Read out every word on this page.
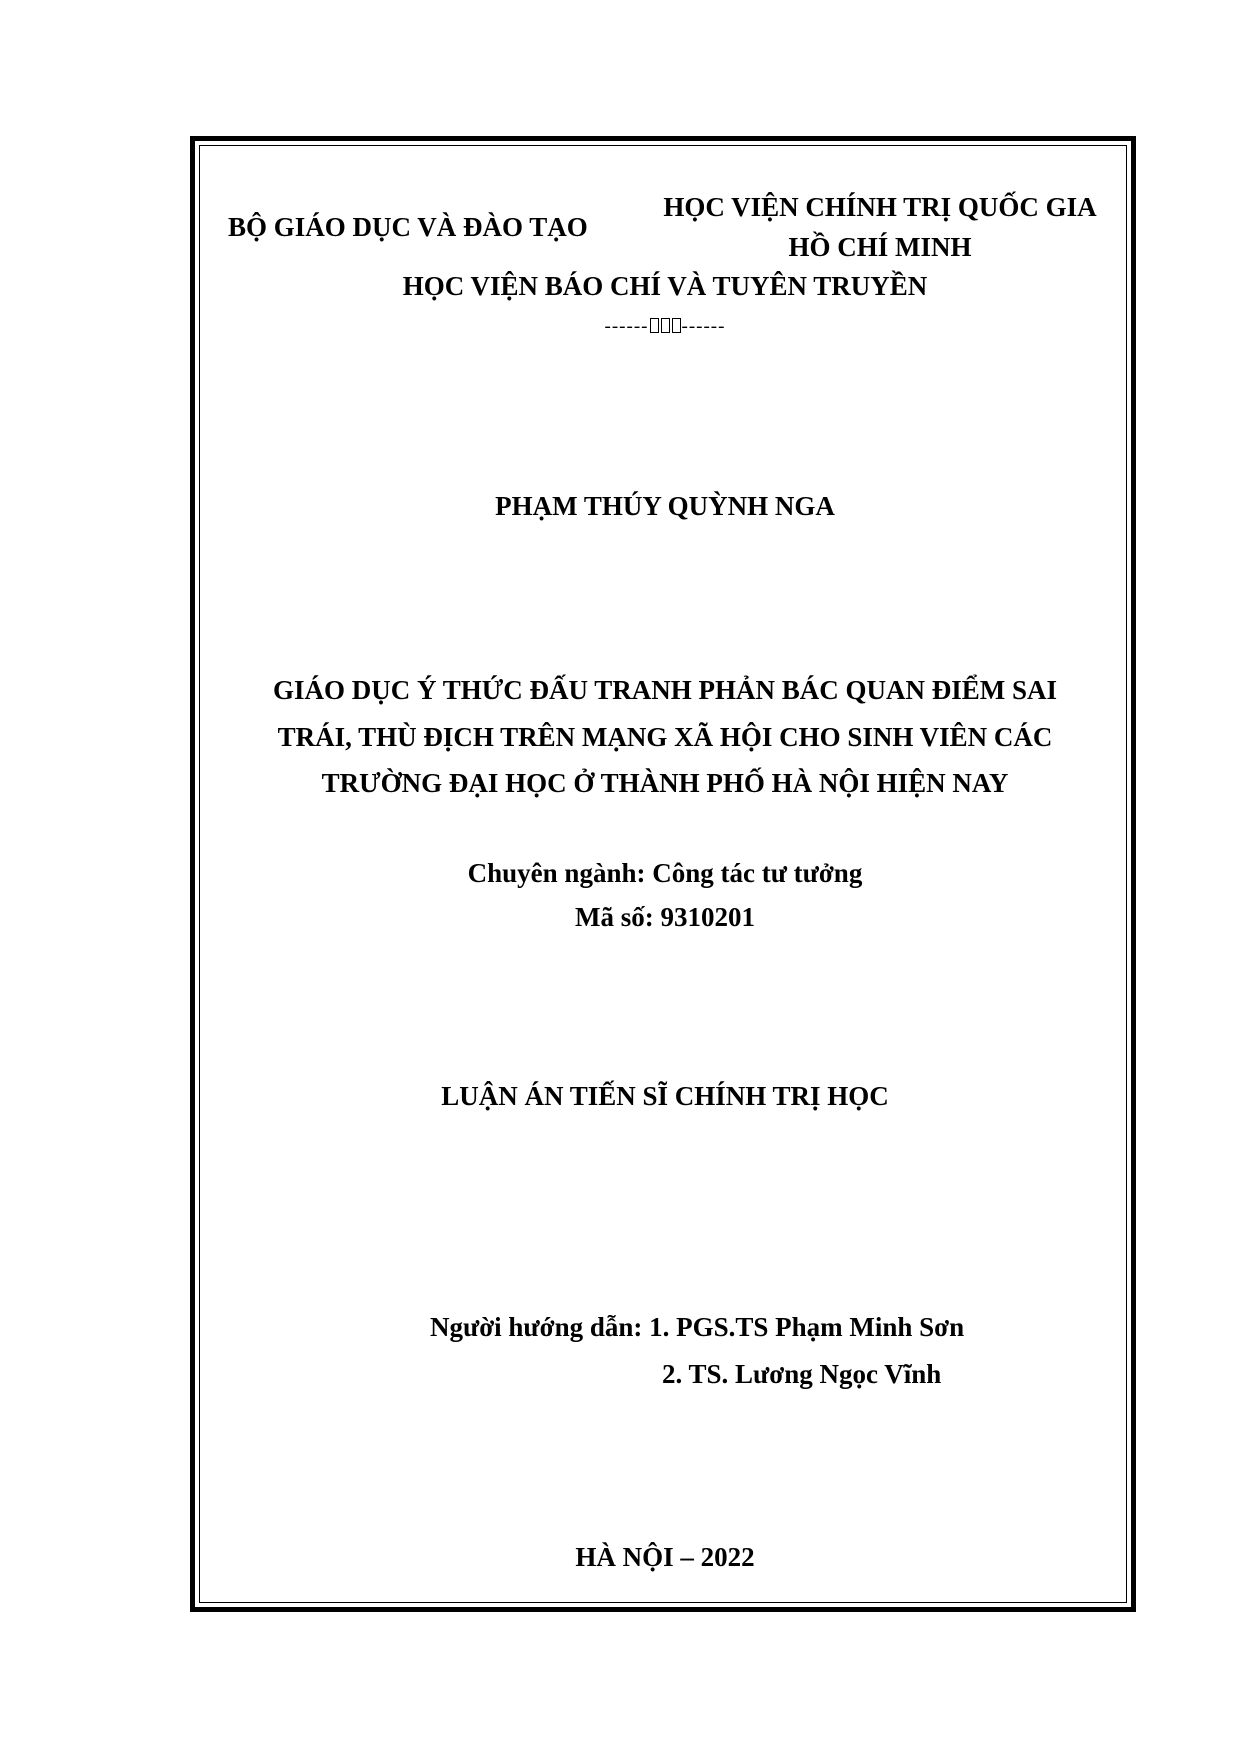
BỘ GIÁO DỤC VÀ ĐÀO TẠO
HỌC VIỆN CHÍNH TRỊ QUỐC GIA
HỒ CHÍ MINH
HỌC VIỆN BÁO CHÍ VÀ TUYÊN TRUYỀN
------ ------
PHẠM THÚY QUỲNH NGA
GIÁO DỤC Ý THỨC ĐẤU TRANH PHẢN BÁC QUAN ĐIỂM SAI
TRÁI, THÙ ĐỊCH TRÊN MẠNG XÃ HỘI CHO SINH VIÊN CÁC
TRƯỜNG ĐẠI HỌC Ở THÀNH PHỐ HÀ NỘI HIỆN NAY
Chuyên ngành: Công tác tư tưởng
Mã số: 9310201
LUẬN ÁN TIẾN SĨ CHÍNH TRỊ HỌC
Người hướng dẫn: 1. PGS.TS Phạm Minh Sơn
2. TS. Lương Ngọc Vĩnh
HÀ NỘI – 2022
